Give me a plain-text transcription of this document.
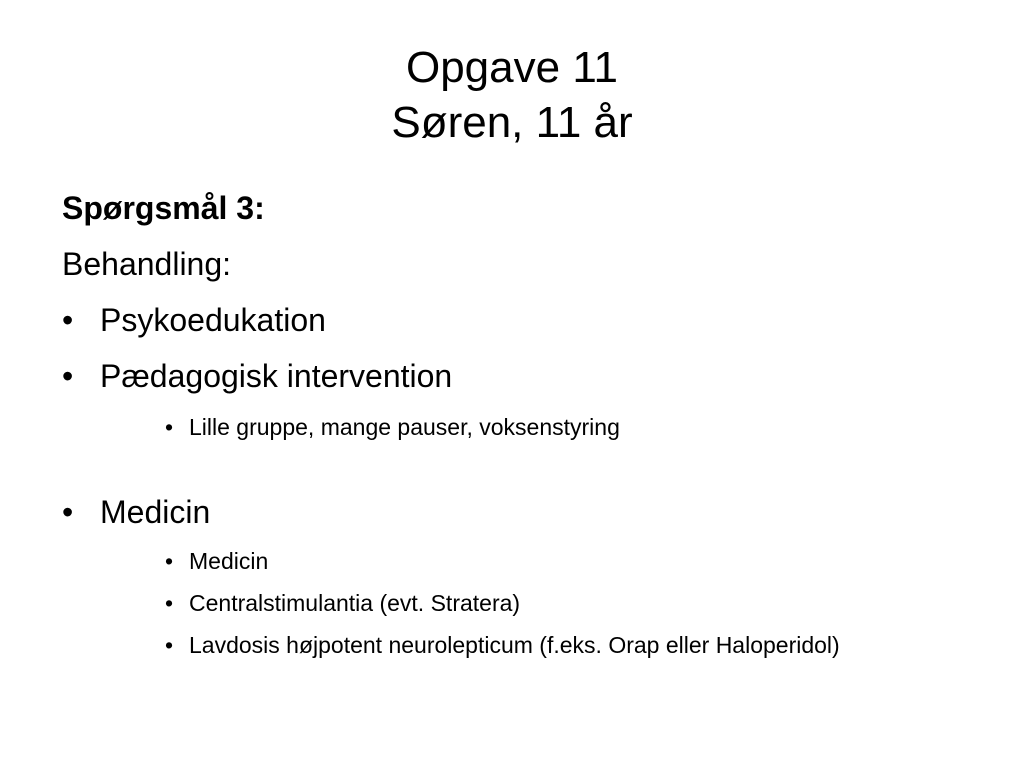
Opgave 11
Søren, 11 år
Spørgsmål 3:
Behandling:
• Psykoedukation
• Pædagogisk intervention
• Lille gruppe, mange pauser, voksenstyring
• Medicin
• Medicin
• Centralstimulantia (evt. Stratera)
• Lavdosis højpotent neurolepticum (f.eks. Orap eller Haloperidol)
